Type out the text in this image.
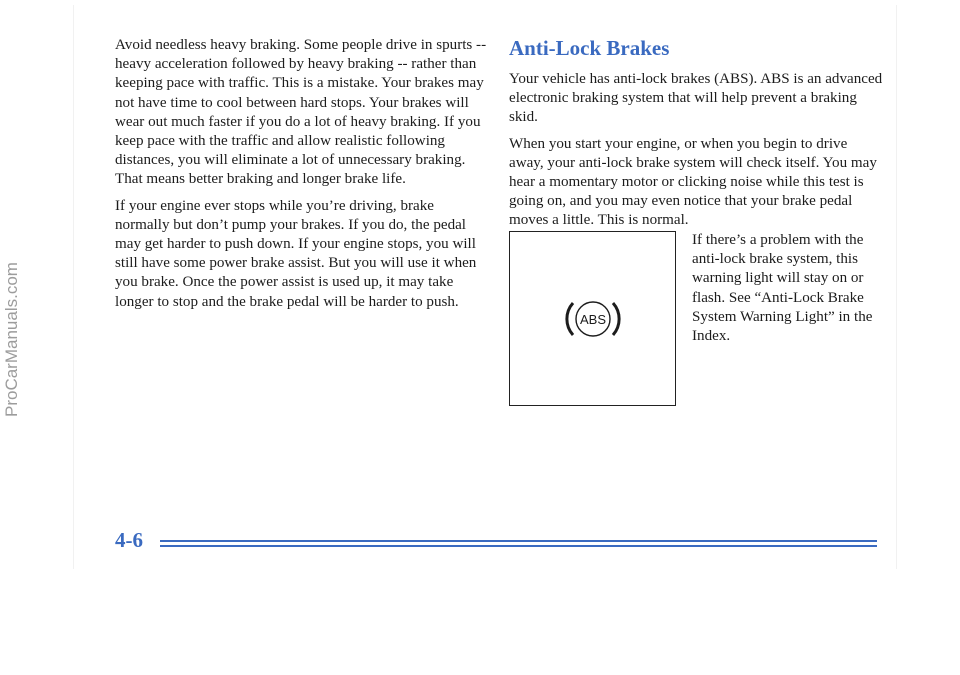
ProCarManuals.com

Avoid needless heavy braking. Some people drive in spurts -- heavy acceleration followed by heavy braking -- rather than keeping pace with traffic. This is a mistake. Your brakes may not have time to cool between hard stops. Your brakes will wear out much faster if you do a lot of heavy braking. If you keep pace with the traffic and allow realistic following distances, you will eliminate a lot of unnecessary braking. That means better braking and longer brake life.

If your engine ever stops while you’re driving, brake normally but don’t pump your brakes. If you do, the pedal may get harder to push down. If your engine stops, you will still have some power brake assist. But you will use it when you brake. Once the power assist is used up, it may take longer to stop and the brake pedal will be harder to push.

Anti-Lock Brakes

Your vehicle has anti-lock brakes (ABS). ABS is an advanced electronic braking system that will help prevent a braking skid.

When you start your engine, or when you begin to drive away, your anti-lock brake system will check itself. You may hear a momentary motor or clicking noise while this test is going on, and you may even notice that your brake pedal moves a little. This is normal.

ABS

If there’s a problem with the anti-lock brake system, this warning light will stay on or flash. See “Anti-Lock Brake System Warning Light” in the Index.

4-6
